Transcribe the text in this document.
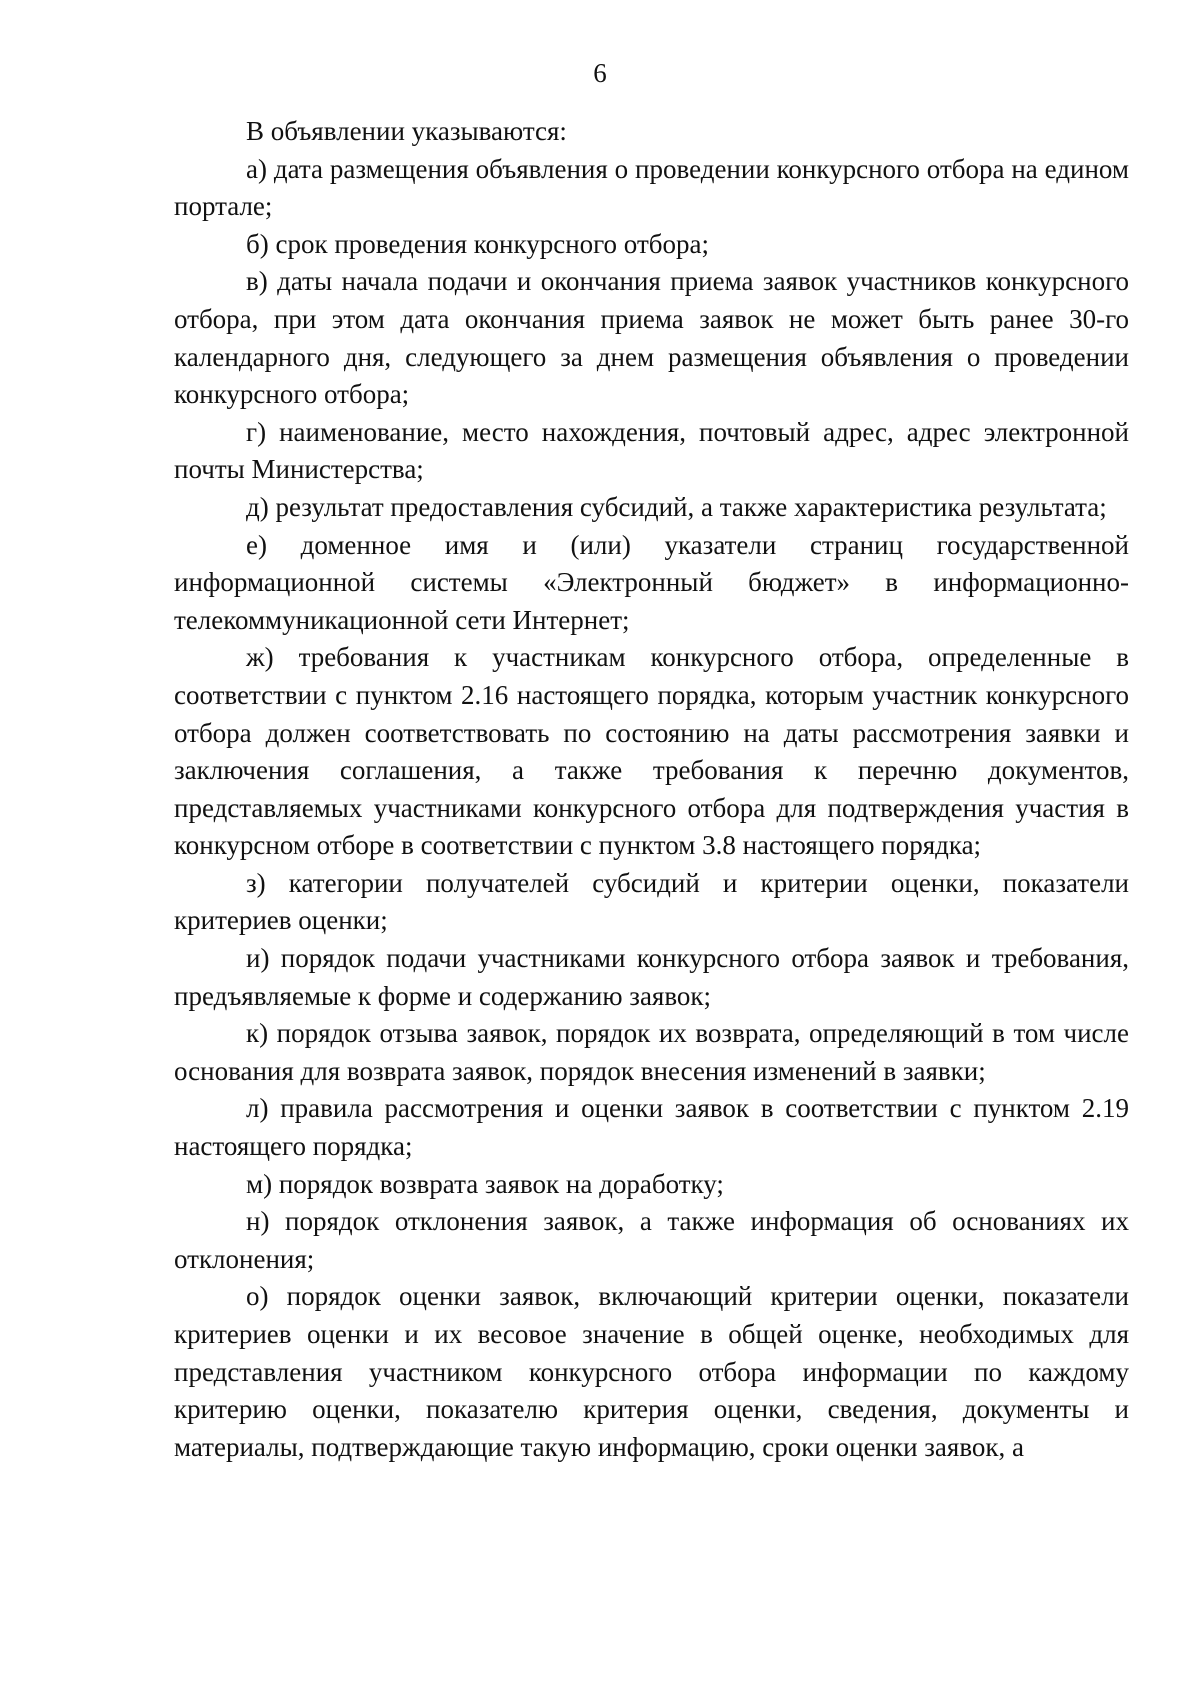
6

В объявлении указываются:

а) дата размещения объявления о проведении конкурсного отбора на едином портале;

б) срок проведения конкурсного отбора;

в) даты начала подачи и окончания приема заявок участников конкурсного отбора, при этом дата окончания приема заявок не может быть ранее 30-го календарного дня, следующего за днем размещения объявления о проведении конкурсного отбора;

г) наименование, место нахождения, почтовый адрес, адрес электронной почты Министерства;

д) результат предоставления субсидий, а также характеристика результата;

е) доменное имя и (или) указатели страниц государственной информационной системы «Электронный бюджет» в информационно-телекоммуникационной сети Интернет;

ж) требования к участникам конкурсного отбора, определенные в соответствии с пунктом 2.16 настоящего порядка, которым участник конкурсного отбора должен соответствовать по состоянию на даты рассмотрения заявки и заключения соглашения, а также требования к перечню документов, представляемых участниками конкурсного отбора для подтверждения участия в конкурсном отборе в соответствии с пунктом 3.8 настоящего порядка;

з) категории получателей субсидий и критерии оценки, показатели критериев оценки;

и) порядок подачи участниками конкурсного отбора заявок и требования, предъявляемые к форме и содержанию заявок;

к) порядок отзыва заявок, порядок их возврата, определяющий в том числе основания для возврата заявок, порядок внесения изменений в заявки;

л) правила рассмотрения и оценки заявок в соответствии с пунктом 2.19 настоящего порядка;

м) порядок возврата заявок на доработку;

н) порядок отклонения заявок, а также информация об основаниях их отклонения;

о) порядок оценки заявок, включающий критерии оценки, показатели критериев оценки и их весовое значение в общей оценке, необходимых для представления участником конкурсного отбора информации по каждому критерию оценки, показателю критерия оценки, сведения, документы и материалы, подтверждающие такую информацию, сроки оценки заявок, а
